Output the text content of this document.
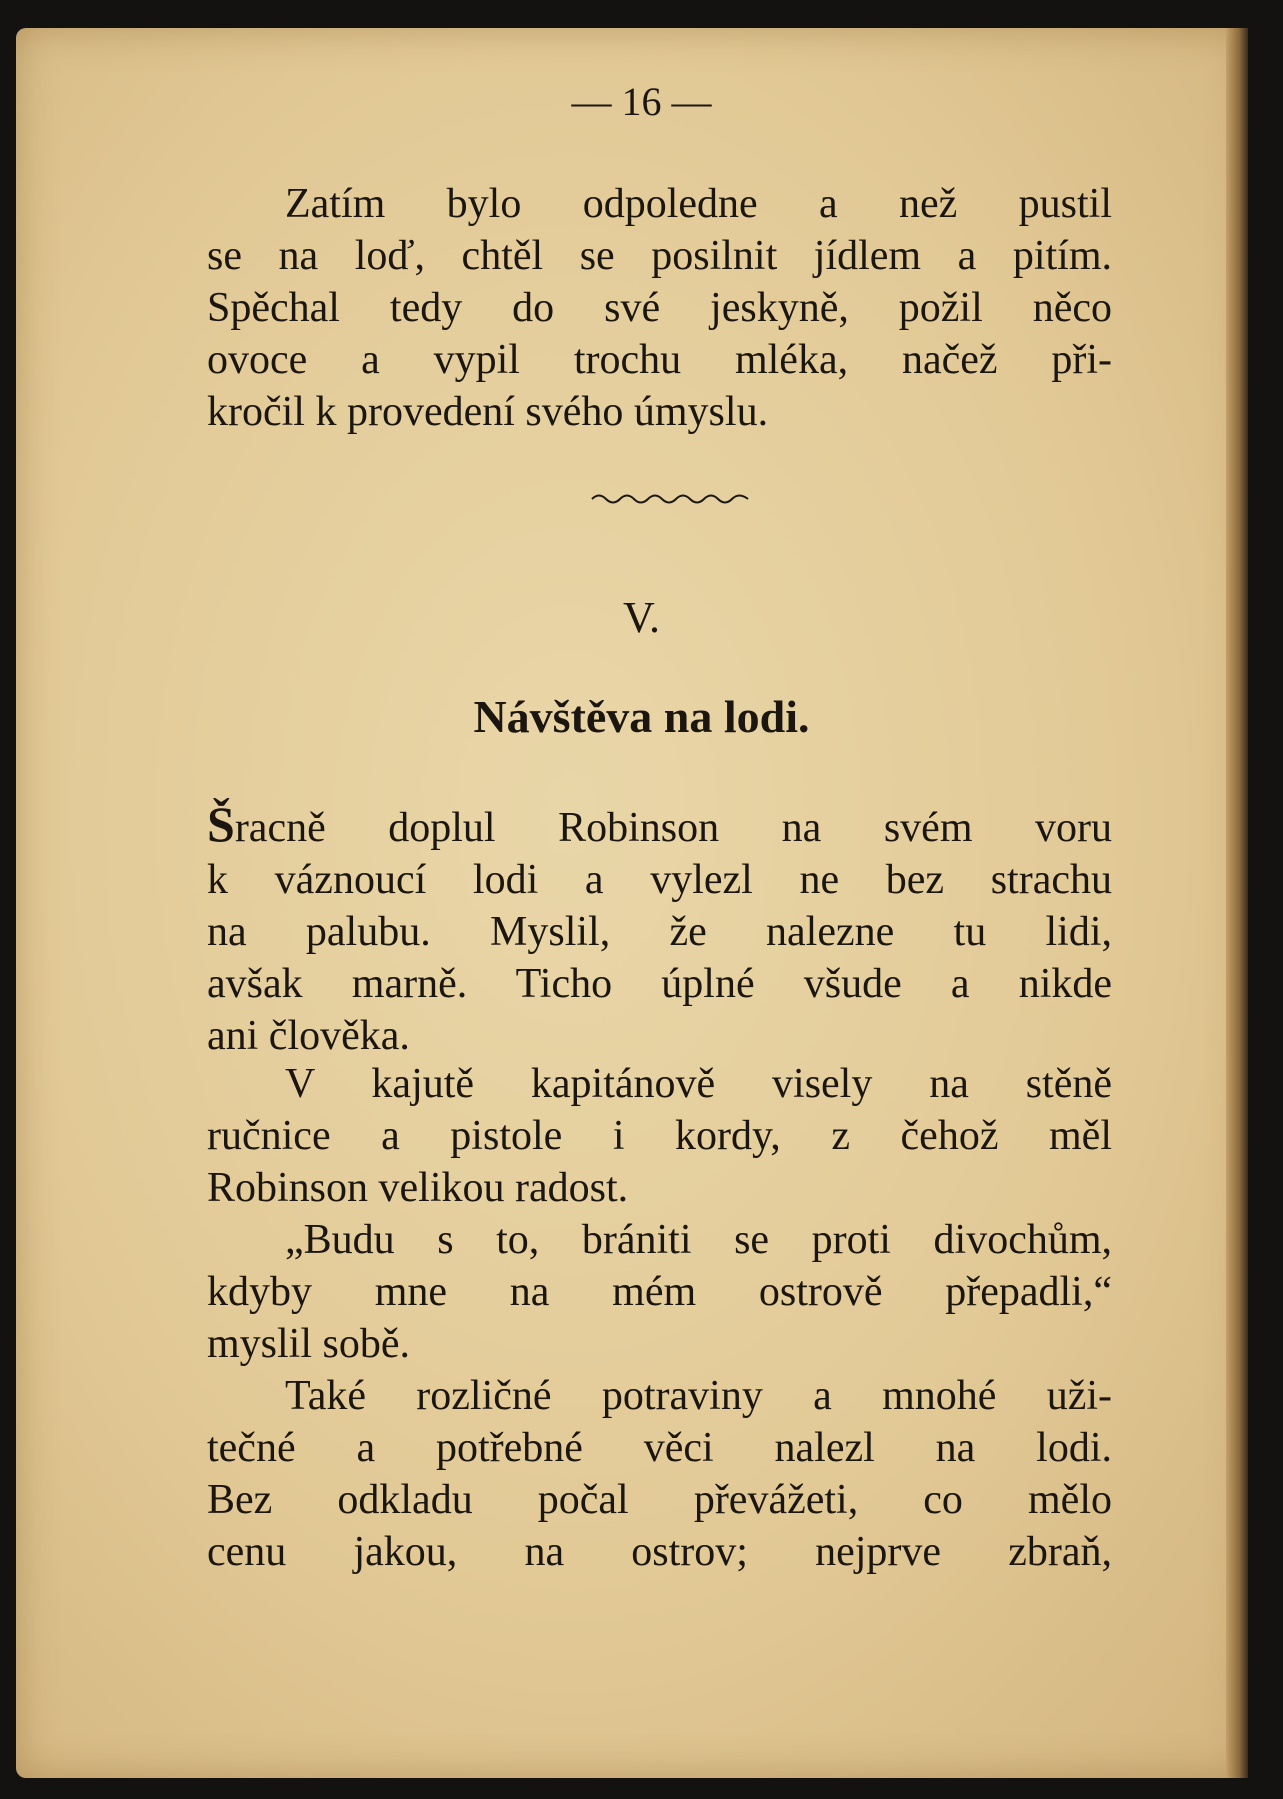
— 16 —

Zatím bylo odpoledne a než pustil

se na loď, chtěl se posilnit jídlem a pitím.
Spěchal tedy do své jeskyně, požil něco
ovoce a vypil trochu mléka, načež při-
kročil k provedení svého úmyslu.

V.
Návštěva na lodi.

Šracně doplul Robinson na svém voru
k váznoucí lodi a vylezl ne bez strachu
na palubu. Myslil, že nalezne tu lidi,
avšak marně. Ticho úplné všude a nikde
ani člověka.

V kajutě kapitánově visely na stěně

ručnice a pistole i kordy, z čehož měl
Robinson velikou radost.

„Budu s to, brániti se proti divochům,

kdyby mne na mém ostrově přepadli,“
myslil sobě.

Také rozličné potraviny a mnohé uži-

tečné a potřebné věci nalezl na lodi.
Bez odkladu počal převážeti, co mělo
cenu jakou, na ostrov; nejprve zbraň,
